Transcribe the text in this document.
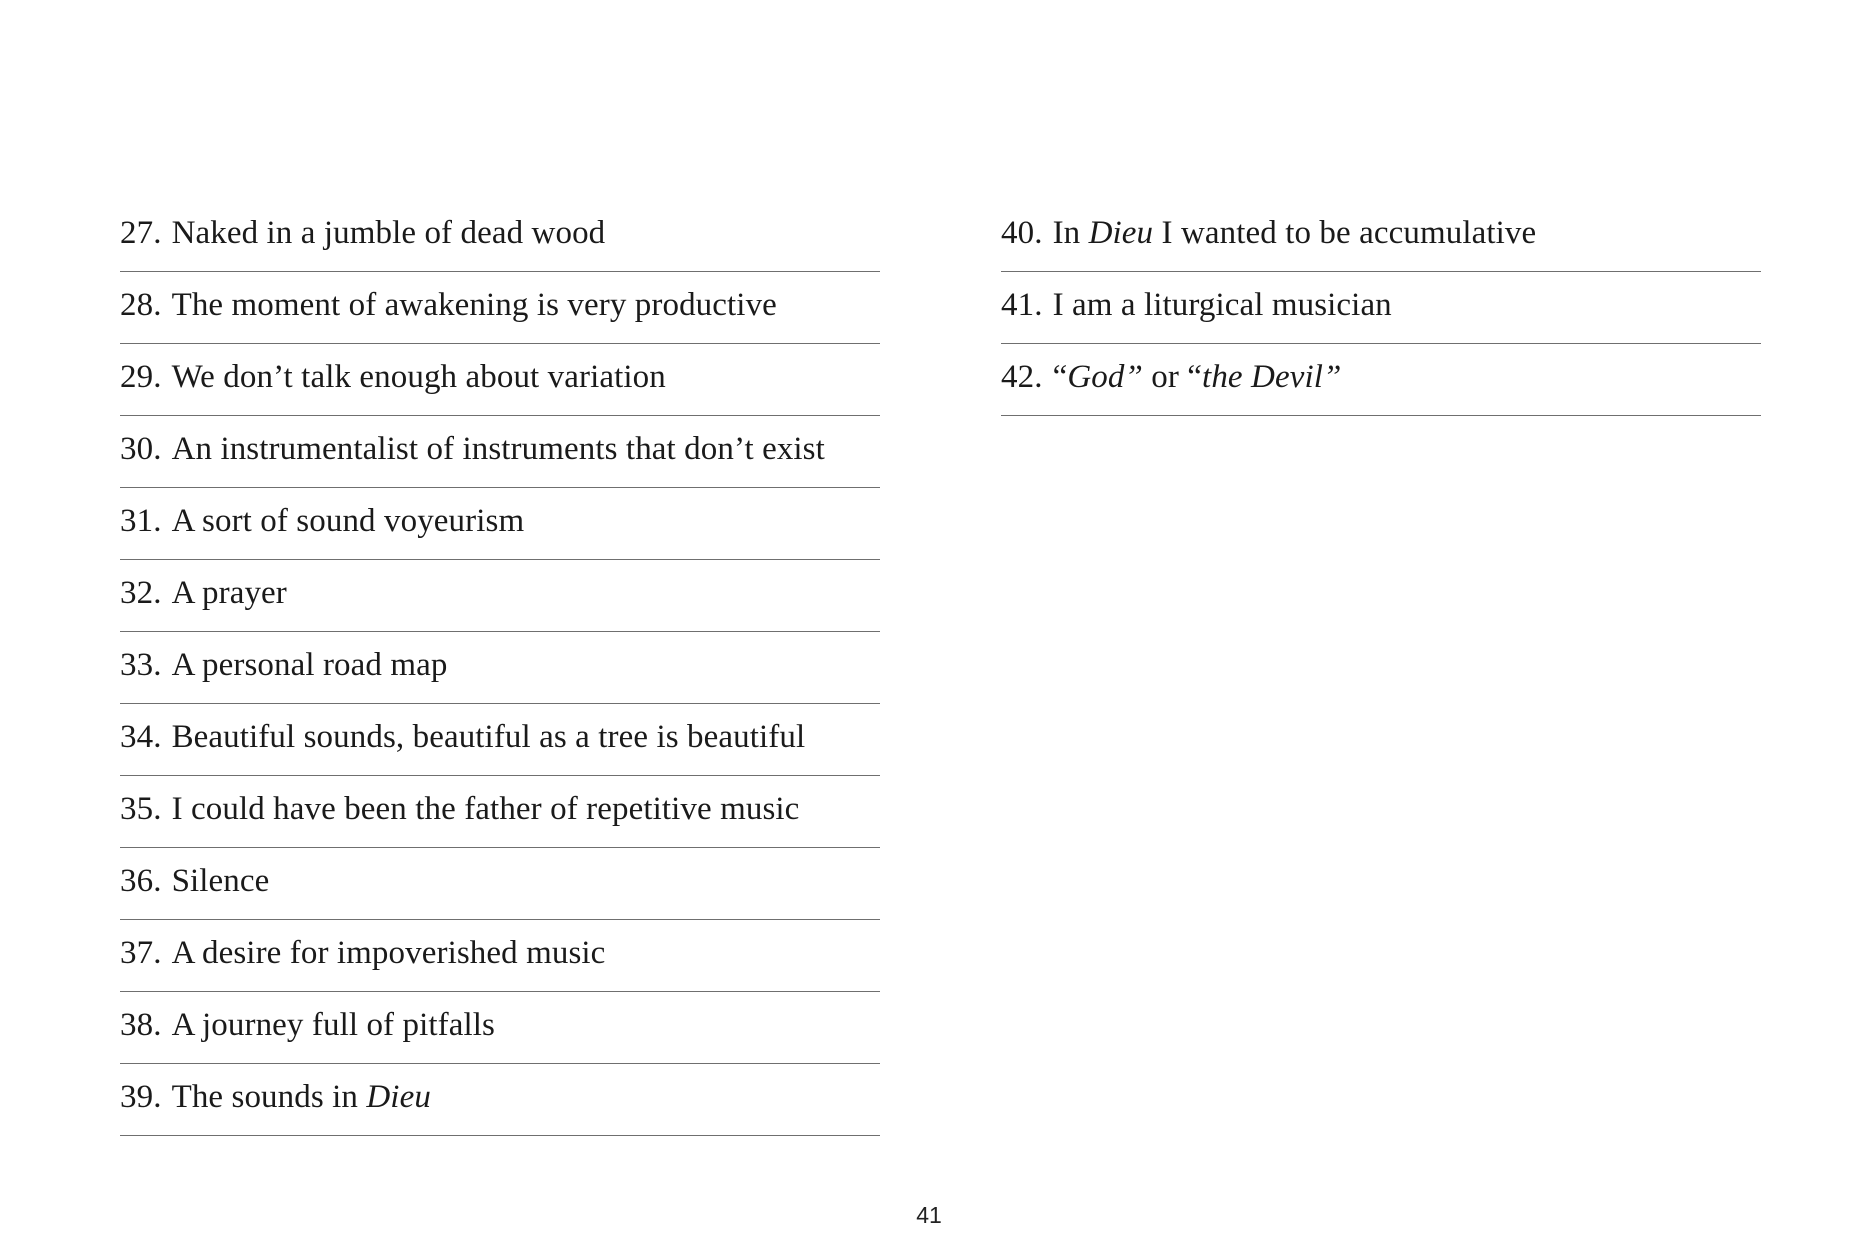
27. Naked in a jumble of dead wood
28. The moment of awakening is very productive
29. We don’t talk enough about variation
30. An instrumentalist of instruments that don’t exist
31. A sort of sound voyeurism
32. A prayer
33. A personal road map
34. Beautiful sounds, beautiful as a tree is beautiful
35. I could have been the father of repetitive music
36. Silence
37. A desire for impoverished music
38. A journey full of pitfalls
39. The sounds in Dieu
40. In Dieu I wanted to be accumulative
41. I am a liturgical musician
42. “God” or “the Devil”
41
